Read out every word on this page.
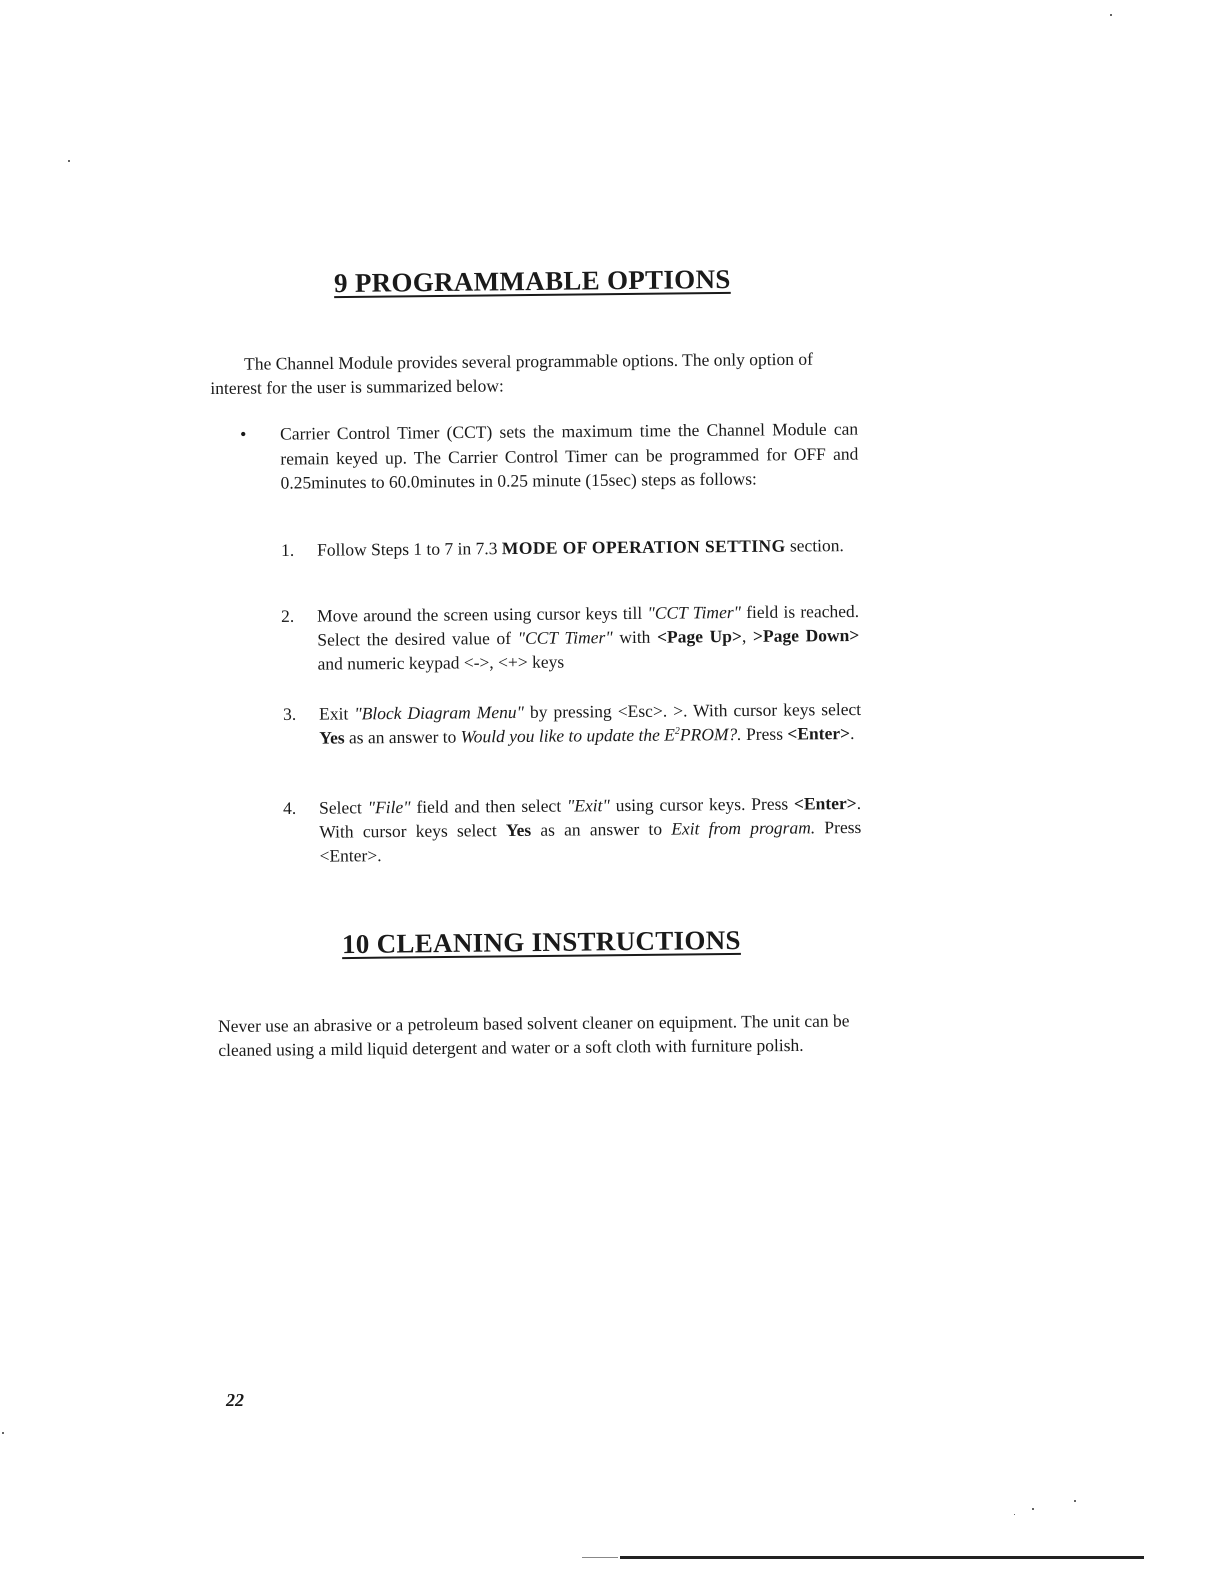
9 PROGRAMMABLE OPTIONS

The Channel Module provides several programmable options. The only option of interest for the user is summarized below:

• Carrier Control Timer (CCT) sets the maximum time the Channel Module can remain keyed up. The Carrier Control Timer can be programmed for OFF and 0.25minutes to 60.0minutes in 0.25 minute (15sec) steps as follows:

1. Follow Steps 1 to 7 in 7.3 MODE OF OPERATION SETTING section.

2. Move around the screen using cursor keys till "CCT Timer" field is reached. Select the desired value of "CCT Timer" with <Page Up>, >Page Down> and numeric keypad <->, <+> keys

3. Exit "Block Diagram Menu" by pressing <Esc>. >. With cursor keys select Yes as an answer to Would you like to update the $E^2PROM$?. Press <Enter>.

4. Select "File" field and then select "Exit" using cursor keys. Press <Enter>. With cursor keys select Yes as an answer to Exit from program. Press <Enter>.

10 CLEANING INSTRUCTIONS

Never use an abrasive or a petroleum based solvent cleaner on equipment. The unit can be cleaned using a mild liquid detergent and water or a soft cloth with furniture polish.

22
